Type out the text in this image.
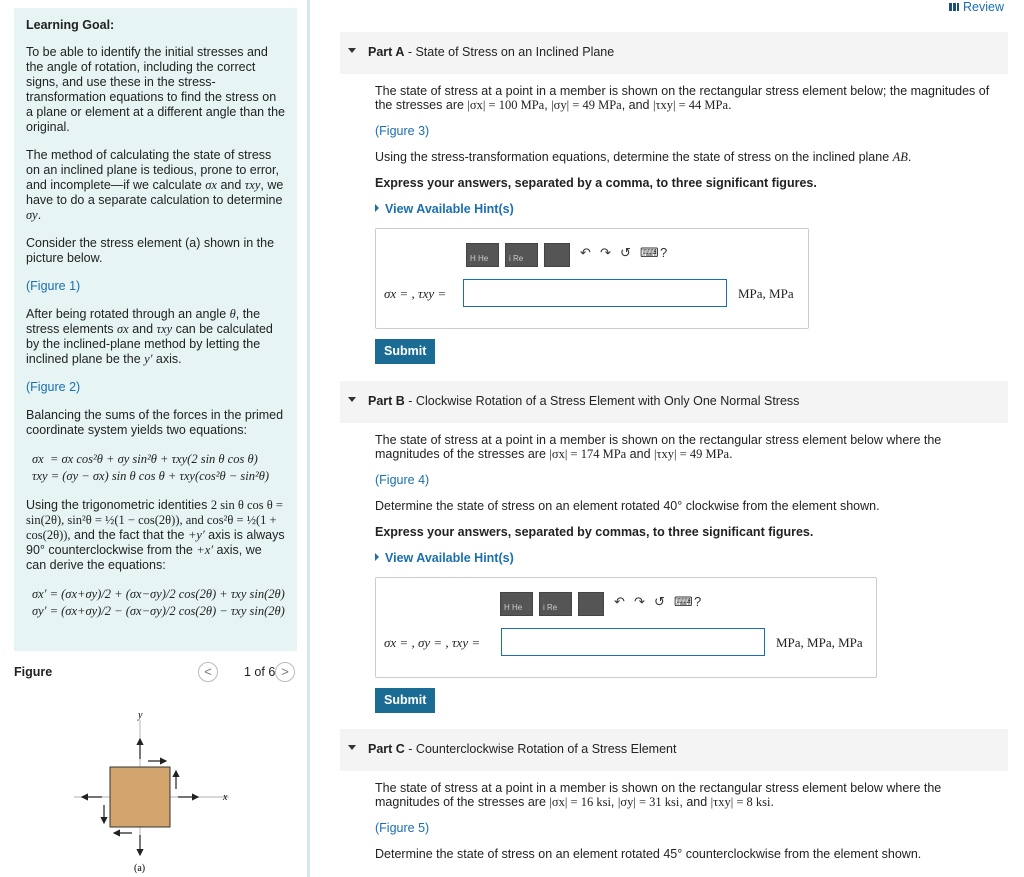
Learning Goal:

To be able to identify the initial stresses and the angle of rotation, including the correct signs, and use these in the stress-transformation equations to find the stress on a plane or element at a different angle than the original.

The method of calculating the state of stress on an inclined plane is tedious, prone to error, and incomplete—if we calculate σx and τxy, we have to do a separate calculation to determine σy.

Consider the stress element (a) shown in the picture below.

(Figure 1)

After being rotated through an angle θ, the stress elements σx and τxy can be calculated by the inclined-plane method by letting the inclined plane be the y′ axis.

(Figure 2)

Balancing the sums of the forces in the primed coordinate system yields two equations:

σx  = σx cos²θ + σy sin²θ + τxy(2 sin θ cos θ)
τxy = (σy − σx) sin θ cos θ + τxy(cos²θ − sin²θ)

Using the trigonometric identities 2 sin θ cos θ = sin(2θ), sin²θ = ½(1 − cos(2θ)), and cos²θ = ½(1 + cos(2θ)), and the fact that the +y′ axis is always 90° counterclockwise from the +x′ axis, we can derive the equations:

σx′ = (σx+σy)/2 + (σx−σy)/2 cos(2θ) + τxy sin(2θ)
σy′ = (σx+σy)/2 − (σx−σy)/2 cos(2θ) − τxy sin(2θ)
Figure	<	1 of 6 >
y
x
(a)
Review
Part A - State of Stress on an Inclined Plane

The state of stress at a point in a member is shown on the rectangular stress element below; the magnitudes of the stresses are |σx| = 100 MPa, |σy| = 49 MPa, and |τxy| = 44 MPa.

(Figure 3)

Using the stress-transformation equations, determine the state of stress on the inclined plane AB.

Express your answers, separated by a comma, to three significant figures.

View Available Hint(s)

H He	i Re	↶ ↷ ↺ ⌨ ?
σx = , τxy =	MPa, MPa
Submit
Part B - Clockwise Rotation of a Stress Element with Only One Normal Stress

The state of stress at a point in a member is shown on the rectangular stress element below where the magnitudes of the stresses are |σx| = 174 MPa and |τxy| = 49 MPa.

(Figure 4)

Determine the state of stress on an element rotated 40° clockwise from the element shown.

Express your answers, separated by commas, to three significant figures.

View Available Hint(s)

H He	i Re	↶ ↷ ↺ ⌨ ?
σx = , σy = , τxy =	MPa, MPa, MPa
Submit
Part C - Counterclockwise Rotation of a Stress Element

The state of stress at a point in a member is shown on the rectangular stress element below where the magnitudes of the stresses are |σx| = 16 ksi, |σy| = 31 ksi, and |τxy| = 8 ksi.

(Figure 5)

Determine the state of stress on an element rotated 45° counterclockwise from the element shown.
